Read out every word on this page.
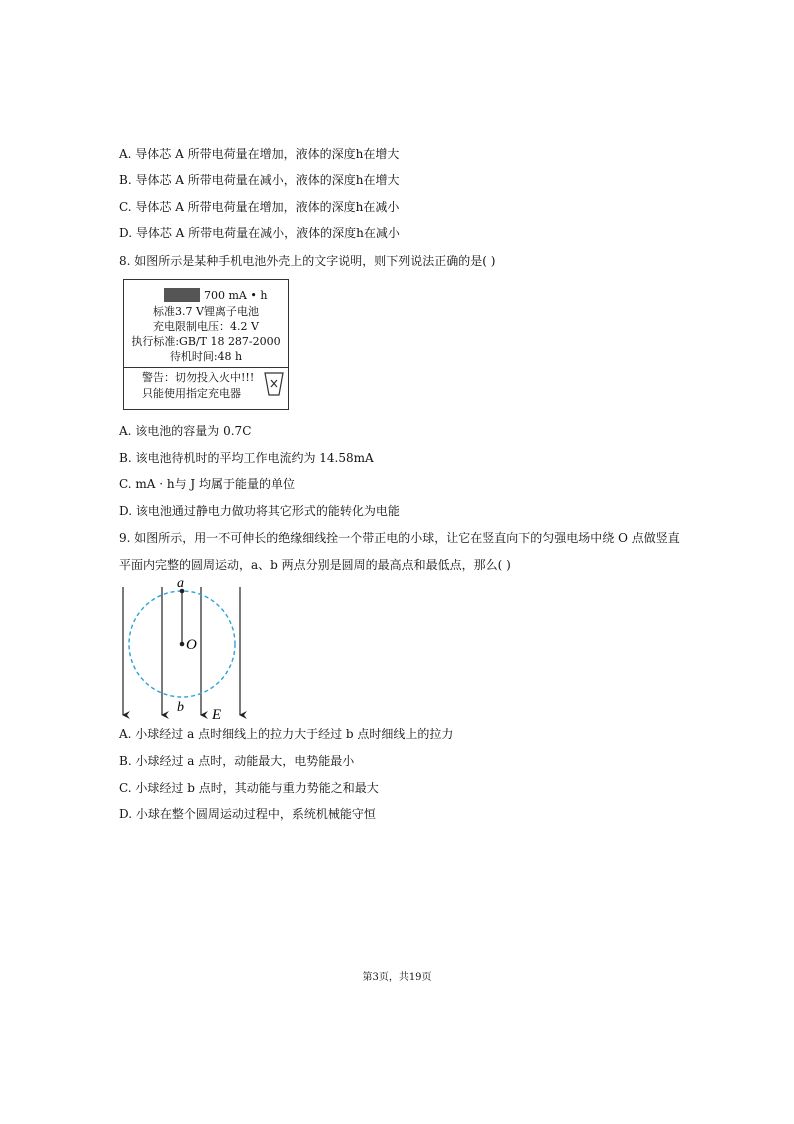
A. 导体芯 A 所带电荷量在增加，液体的深度h在增大
B. 导体芯 A 所带电荷量在减小，液体的深度h在增大
C. 导体芯 A 所带电荷量在增加，液体的深度h在减小
D. 导体芯 A 所带电荷量在减小，液体的深度h在减小
8. 如图所示是某种手机电池外壳上的文字说明，则下列说法正确的是( )
700 mA • h
标准3.7 V锂离子电池
充电限制电压：4.2 V
执行标准:GB/T 18 287-2000
待机时间:48 h
警告：切勿投入火中!!!
只能使用指定充电器
A. 该电池的容量为 0.7C
B. 该电池待机时的平均工作电流约为 14.58mA
C. mA · h与 J 均属于能量的单位
D. 该电池通过静电力做功将其它形式的能转化为电能
9. 如图所示，用一不可伸长的绝缘细线拴一个带正电的小球，让它在竖直向下的匀强电场中绕 O 点做竖直
平面内完整的圆周运动，a、b 两点分别是圆周的最高点和最低点，那么( )
a
O
b E
A. 小球经过 a 点时细线上的拉力大于经过 b 点时细线上的拉力
B. 小球经过 a 点时，动能最大，电势能最小
C. 小球经过 b 点时，其动能与重力势能之和最大
D. 小球在整个圆周运动过程中，系统机械能守恒
第3页，共19页
